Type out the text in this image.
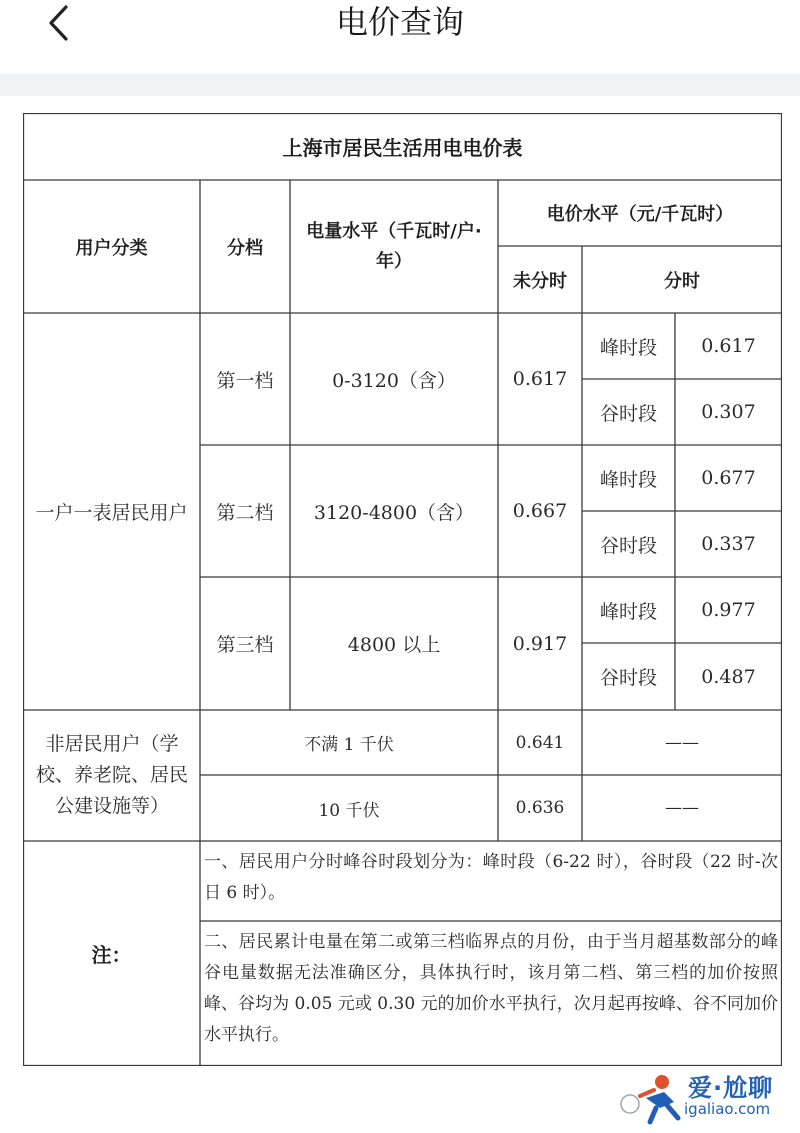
电价查询
上海市居民生活用电电价表
用户分类	分档
电量水平（千瓦时/户·年）
电价水平（元/千瓦时）
未分时	分时
一户一表居民用户
第一档	0-3120（含）	0.617
峰时段	0.617
谷时段	0.307
第二档	3120-4800（含）	0.667
峰时段	0.677
谷时段	0.337
第三档	4800 以上	0.917
峰时段	0.977
谷时段	0.487
非居民用户（学校、养老院、居民公建设施等）
不满 1 千伏	0.641	——
10 千伏	0.636	——
注：
一、居民用户分时峰谷时段划分为：峰时段（6-22 时），谷时段（22 时-次日 6 时）。
二、居民累计电量在第二或第三档临界点的月份，由于当月超基数部分的峰谷电量数据无法准确区分，具体执行时，该月第二档、第三档的加价按照峰、谷均为 0.05 元或 0.30 元的加价水平执行，次月起再按峰、谷不同加价水平执行。
爱·尬聊
igaliao.com
